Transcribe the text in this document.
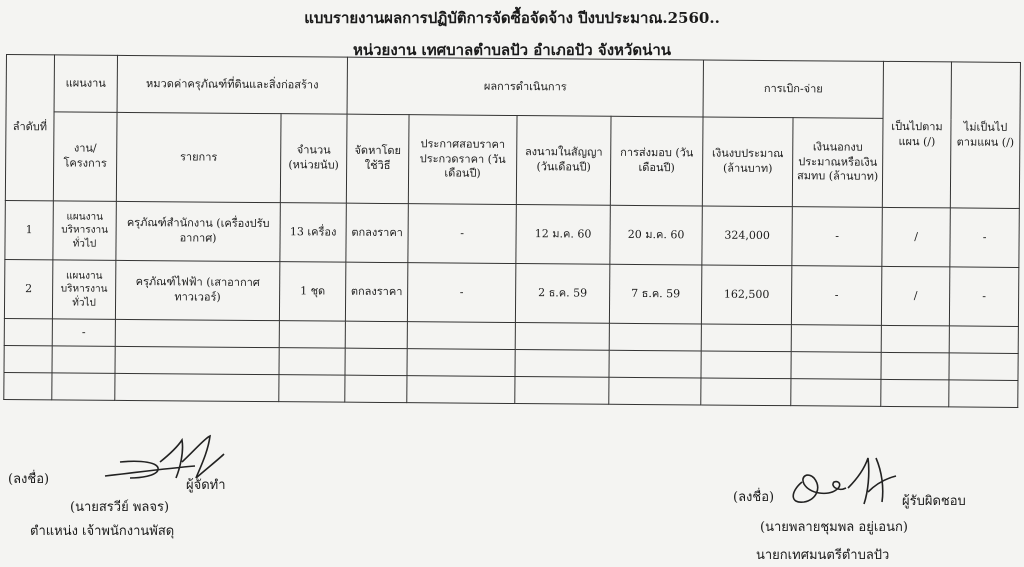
แบบรายงานผลการปฏิบัติการจัดซื้อจัดจ้าง ปีงบประมาณ.2560..
หน่วยงาน เทศบาลตำบลปัว อำเภอปัว จังหวัดน่าน
ลำดับที่	แผนงาน	หมวดค่าครุภัณฑ์ที่ดินและสิ่งก่อสร้าง		ผลการดำเนินการ				การเบิก-จ่าย		เป็นไปตามแผน (/)	ไม่เป็นไปตามแผน (/)
	งาน/ โครงการ	รายการ	จำนวน (หน่วยนับ)	จัดหาโดยใช้วิธี	ประกาศสอบราคา ประกวดราคา (วันเดือนปี)	ลงนามในสัญญา (วันเดือนปี)	การส่งมอบ (วันเดือนปี)	เงินงบประมาณ (ล้านบาท)	เงินนอกงบประมาณหรือเงินสมทบ (ล้านบาท)		
1	แผนงานบริหารงานทั่วไป	ครุภัณฑ์สำนักงาน (เครื่องปรับอากาศ)	13 เครื่อง	ตกลงราคา	-	12 ม.ค. 60	20 ม.ค. 60	324,000	-	/	-
2	แผนงานบริหารงานทั่วไป	ครุภัณฑ์ไฟฟ้า (เสาอากาศทาวเวอร์)	1 ชุด	ตกลงราคา	-	2 ธ.ค. 59	7 ธ.ค. 59	162,500	-	/	-
	-										

(ลงชื่อ)	ผู้จัดทำ
(นายสรวีย์ พลจร)
ตำแหน่ง เจ้าพนักงานพัสดุ
(ลงชื่อ)	ผู้รับผิดชอบ
(นายพลายชุมพล อยู่เอนก)
นายกเทศมนตรีตำบลปัว
